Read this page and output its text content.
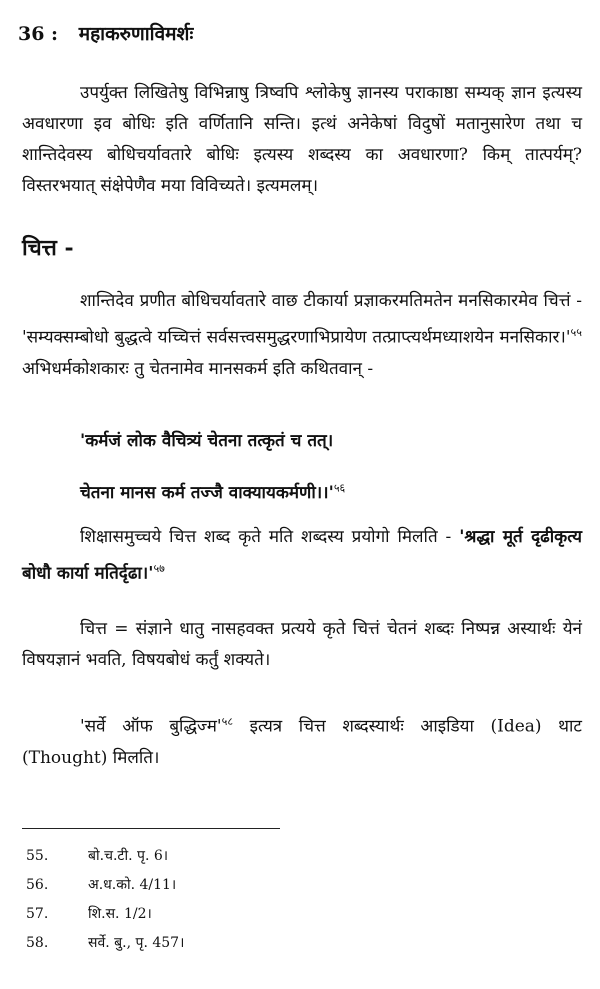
36 : महाकरुणाविमर्शः

उपर्युक्त लिखितेषु विभिन्नाषु त्रिष्वपि श्लोकेषु ज्ञानस्य पराकाष्ठा सम्यक् ज्ञान इत्यस्य अवधारणा इव बोधिः इति वर्णितानि सन्ति। इत्थं अनेकेषां विदुषों मतानुसारेण तथा च शान्तिदेवस्य बोधिचर्यावतारे बोधिः इत्यस्य शब्दस्य का अवधारणा? किम् तात्पर्यम्? विस्तरभयात् संक्षेपेणैव मया विविच्यते। इत्यमलम्।

चित्त -

शान्तिदेव प्रणीत बोधिचर्यावतारे वाछ टीकार्या प्रज्ञाकरमतिमतेन मनसिकारमेव चित्तं - 'सम्यक्सम्बोधो बुद्धत्वे यच्चित्तं सर्वसत्त्वसमुद्धरणाभिप्रायेण तत्प्राप्त्यर्थमध्याशयेन $मनसिकार।'^{५५}$ अभिधर्मकोशकारः तु चेतनामेव मानसकर्म इति कथितवान् -

'कर्मजं लोक वैचित्र्यं चेतना तत्कृतं च तत्।

चेतना मानस कर्म तज्जै $वाक्यायकर्मणी।।'^{५६}$

शिक्षासमुच्चये चित्त शब्द कृते मति शब्दस्य प्रयोगो मिलति - 'श्रद्धा मूर्त दृढीकृत्य बोधौ कार्या $मतिर्दृढा।'^{५७}$

चित्त = संज्ञाने धातु नासहवक्त प्रत्यये कृते चित्तं चेतनं शब्दः निष्पन्न अस्यार्थः येनं विषयज्ञानं भवति, विषयबोधं कर्तुं शक्यते।

'सर्वे ऑफ $बुद्धिज्म'^{५८}$ इत्यत्र चित्त शब्दस्यार्थः आइडिया (Idea) थाट (Thought) मिलति।

55.	बो.च.टी. पृ. 6।
56.	अ.ध.को. 4/11।
57.	शि.स. 1/2।
58.	सर्वे. बु., पृ. 457।
